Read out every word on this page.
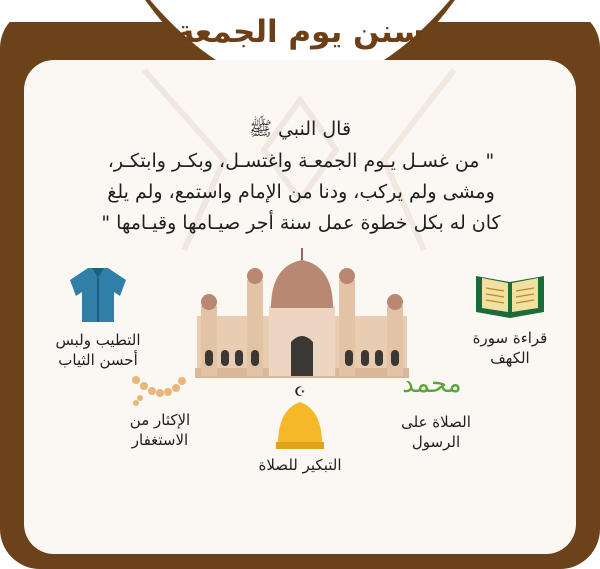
سنن يوم الجمعة
قال النبي ﷺ
" من غسـل يـوم الجمعـة واغتسـل، وبكـر وابتكـر،
ومشى ولم يركب، ودنا من الإمام واستمع، ولم يلغ
كان له بكل خطوة عمل سنة أجر صيـامها وقيـامها "
التطيب ولبس
أحسن الثياب
الإكثار من
الاستغفار
☪
التبكير للصلاة
محمد
الصلاة على
الرسول
قراءة سورة
الكهف
